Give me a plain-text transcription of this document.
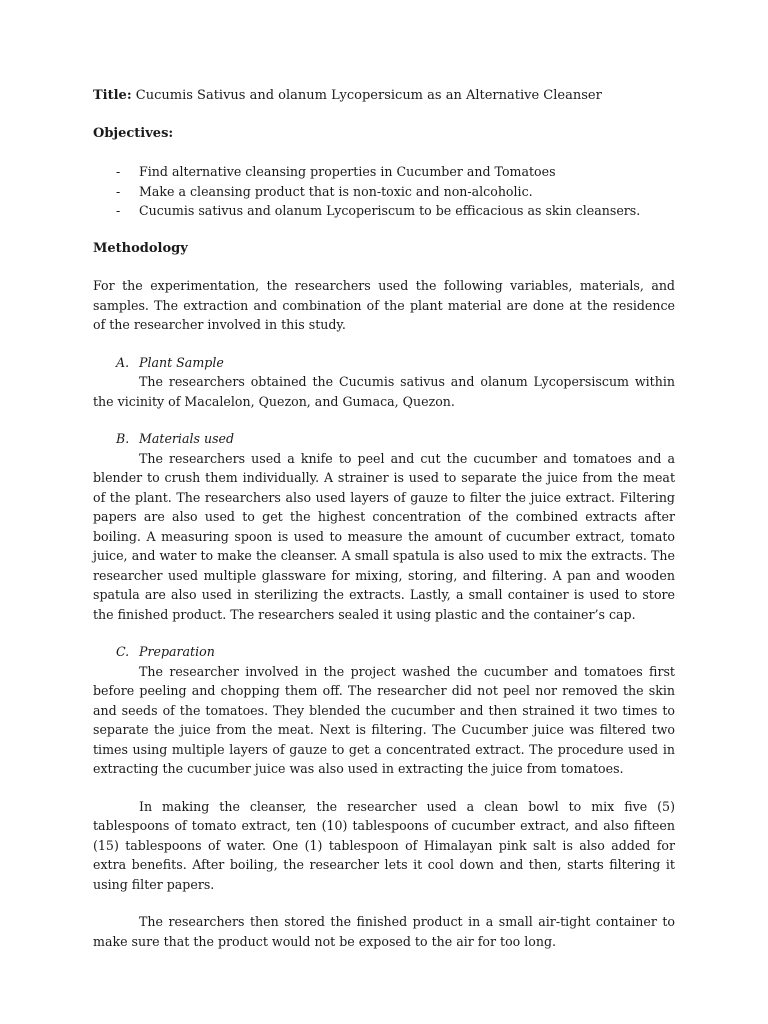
Title: Cucumis Sativus and olanum Lycopersicum as an Alternative Cleanser
Objectives:
- Find alternative cleansing properties in Cucumber and Tomatoes
- Make a cleansing product that is non-toxic and non-alcoholic.
- Cucumis sativus and olanum Lycoperiscum to be efficacious as skin cleansers.
Methodology

For the experimentation, the researchers used the following variables, materials, and samples. The extraction and combination of the plant material are done at the residence of the researcher involved in this study.

A. Plant Sample

The researchers obtained the Cucumis sativus and olanum Lycopersiscum within the vicinity of Macalelon, Quezon, and Gumaca, Quezon.

B. Materials used

The researchers used a knife to peel and cut the cucumber and tomatoes and a blender to crush them individually. A strainer is used to separate the juice from the meat of the plant. The researchers also used layers of gauze to filter the juice extract. Filtering papers are also used to get the highest concentration of the combined extracts after boiling. A measuring spoon is used to measure the amount of cucumber extract, tomato juice, and water to make the cleanser. A small spatula is also used to mix the extracts. The researcher used multiple glassware for mixing, storing, and filtering. A pan and wooden spatula are also used in sterilizing the extracts. Lastly, a small container is used to store the finished product. The researchers sealed it using plastic and the container’s cap.

C. Preparation

The researcher involved in the project washed the cucumber and tomatoes first before peeling and chopping them off. The researcher did not peel nor removed the skin and seeds of the tomatoes. They blended the cucumber and then strained it two times to separate the juice from the meat. Next is filtering. The Cucumber juice was filtered two times using multiple layers of gauze to get a concentrated extract. The procedure used in extracting the cucumber juice was also used in extracting the juice from tomatoes.

In making the cleanser, the researcher used a clean bowl to mix five (5) tablespoons of tomato extract, ten (10) tablespoons of cucumber extract, and also fifteen (15) tablespoons of water. One (1) tablespoon of Himalayan pink salt is also added for extra benefits. After boiling, the researcher lets it cool down and then, starts filtering it using filter papers.

The researchers then stored the finished product in a small air-tight container to make sure that the product would not be exposed to the air for too long.
